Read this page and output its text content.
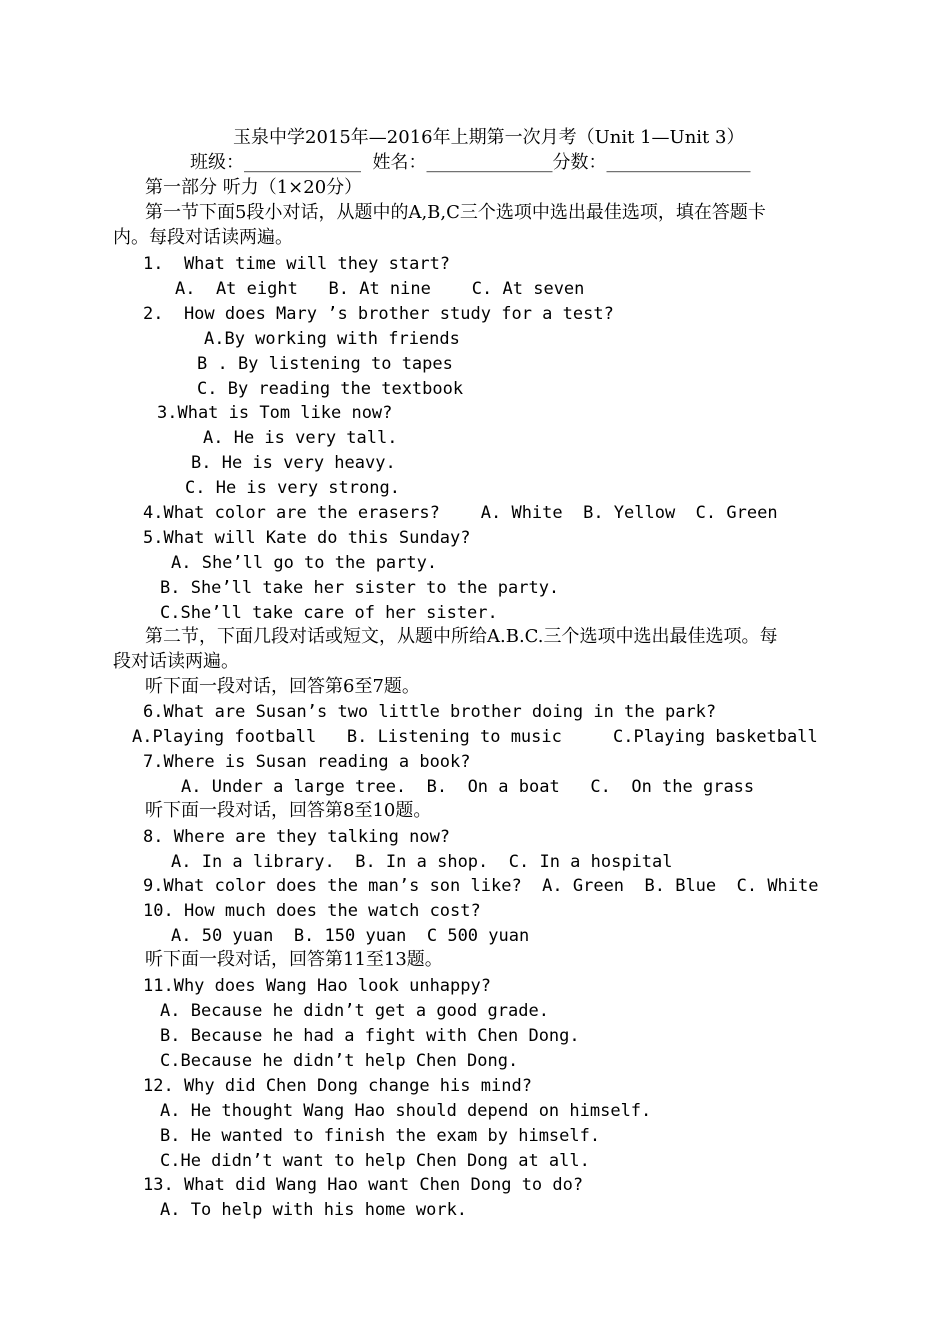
玉泉中学2015年—2016年上期第一次月考（Unit 1—Unit 3）
班级：_____________  姓名：______________分数：________________
第一部分 听力（1×20分）
第一节下面5段小对话，从题中的A,B,C三个选项中选出最佳选项，填在答题卡
内。每段对话读两遍。
1.  What time will they start?
A.  At eight   B. At nine    C. At seven
2.  How does Mary ’s brother study for a test?
A.By working with friends
B . By listening to tapes
C. By reading the textbook
3.What is Tom like now?
A. He is very tall.
B. He is very heavy.
C. He is very strong.
4.What color are the erasers?    A. White  B. Yellow  C. Green
5.What will Kate do this Sunday?
A. She’ll go to the party.
B. She’ll take her sister to the party.
C.She’ll take care of her sister.
第二节，下面几段对话或短文，从题中所给A.B.C.三个选项中选出最佳选项。每
段对话读两遍。
听下面一段对话，回答第6至7题。
6.What are Susan’s two little brother doing in the park?
A.Playing football   B. Listening to music     C.Playing basketball
7.Where is Susan reading a book?
A. Under a large tree.  B.  On a boat   C.  On the grass
听下面一段对话，回答第8至10题。
8. Where are they talking now?
A. In a library.  B. In a shop.  C. In a hospital
9.What color does the man’s son like?  A. Green  B. Blue  C. White
10. How much does the watch cost?
A. 50 yuan  B. 150 yuan  C 500 yuan
听下面一段对话，回答第11至13题。
11.Why does Wang Hao look unhappy?
A. Because he didn’t get a good grade.
B. Because he had a fight with Chen Dong.
C.Because he didn’t help Chen Dong.
12. Why did Chen Dong change his mind?
A. He thought Wang Hao should depend on himself.
B. He wanted to finish the exam by himself.
C.He didn’t want to help Chen Dong at all.
13. What did Wang Hao want Chen Dong to do?
A. To help with his home work.
